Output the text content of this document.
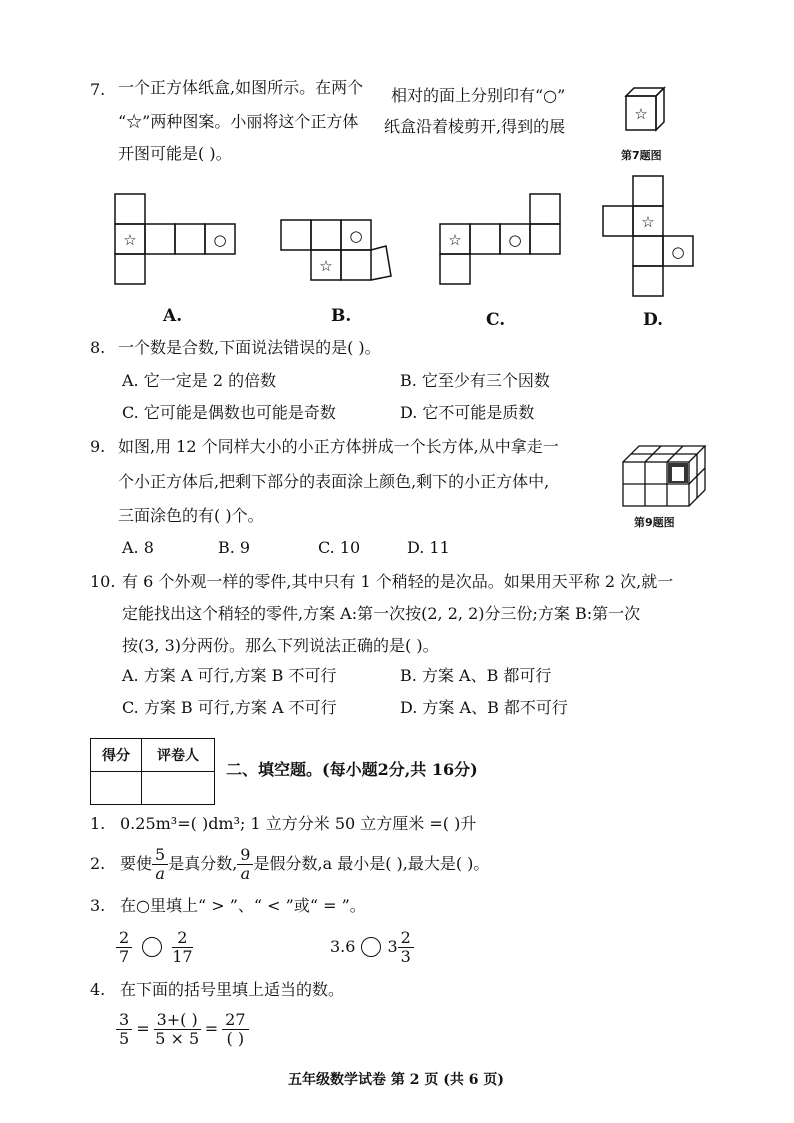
7. 一个正方体纸盒,如图所示。在两个 相对的面上分别印有“○”
“☆”两种图案。小丽将这个正方体 纸盒沿着棱剪开,得到的展
开图可能是( )。
☆
第7题图
☆	○
A.
○
☆
B.
☆	○
C.
☆
○
D.
8. 一个数是合数,下面说法错误的是( )。
A. 它一定是 2 的倍数	B. 它至少有三个因数
C. 它可能是偶数也可能是奇数	D. 它不可能是质数
9. 如图,用 12 个同样大小的小正方体拼成一个长方体,从中拿走一
个小正方体后,把剩下部分的表面涂上颜色,剩下的小正方体中,
三面涂色的有( )个。	第9题图
A. 8	B. 9	C. 10	D. 11
10. 有 6 个外观一样的零件,其中只有 1 个稍轻的是次品。如果用天平称 2 次,就一
定能找出这个稍轻的零件,方案 A:第一次按(2, 2, 2)分三份;方案 B:第一次
按(3, 3)分两份。那么下列说法正确的是( )。
A. 方案 A 可行,方案 B 不可行	B. 方案 A、B 都可行
C. 方案 B 可行,方案 A 不可行	D. 方案 A、B 都不可行
得分	评卷人

二、填空题。(每小题2分,共 16分)
1. 0.25m³=( )dm³; 1 立方分米 50 立方厘米 =( )升
2. 要使 $\frac{5}{a}$ 是真分数, $\frac{9}{a}$ 是假分数,a 最小是( ),最大是( )。
3. 在○里填上“ > ”、“ < ”或“ = ”。
$\frac{2}{7}$	$\frac{2}{17}$	3.6 $3 \frac{2}{3}$
4. 在下面的括号里填上适当的数。
$\frac{3}{5} = \frac{3+( )}{5 \times 5} = \frac{27}{( )}$
五年级数学试卷 第 2 页 (共 6 页)
